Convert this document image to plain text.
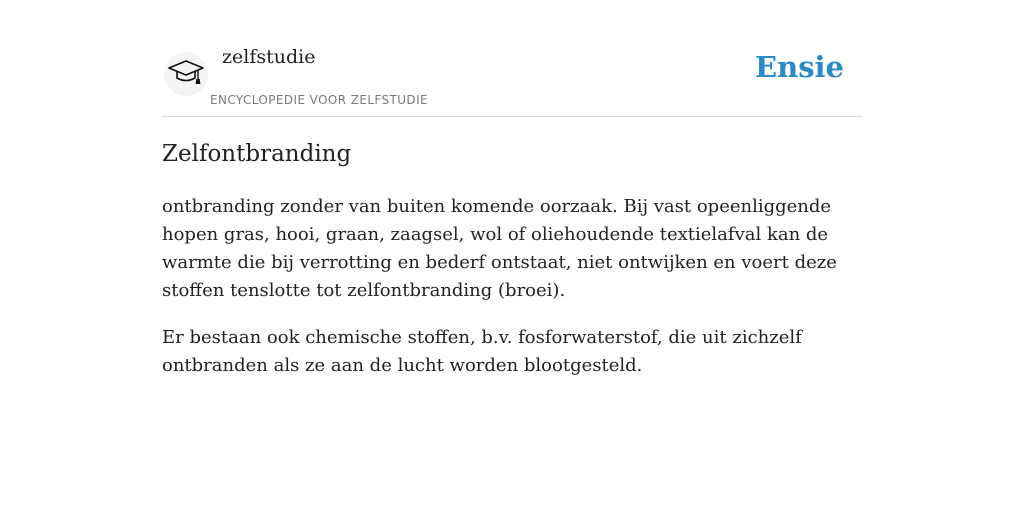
zelfstudie
ENCYCLOPEDIE VOOR ZELFSTUDIE
Ensie
Zelfontbranding

ontbranding zonder van buiten komende oorzaak. Bij vast opeenliggende hopen gras, hooi, graan, zaagsel, wol of oliehoudende textielafval kan de warmte die bij verrotting en bederf ontstaat, niet ontwijken en voert deze stoffen tenslotte tot zelfontbranding (broei).

Er bestaan ook chemische stoffen, b.v. fosforwaterstof, die uit zichzelf ontbranden als ze aan de lucht worden blootgesteld.
